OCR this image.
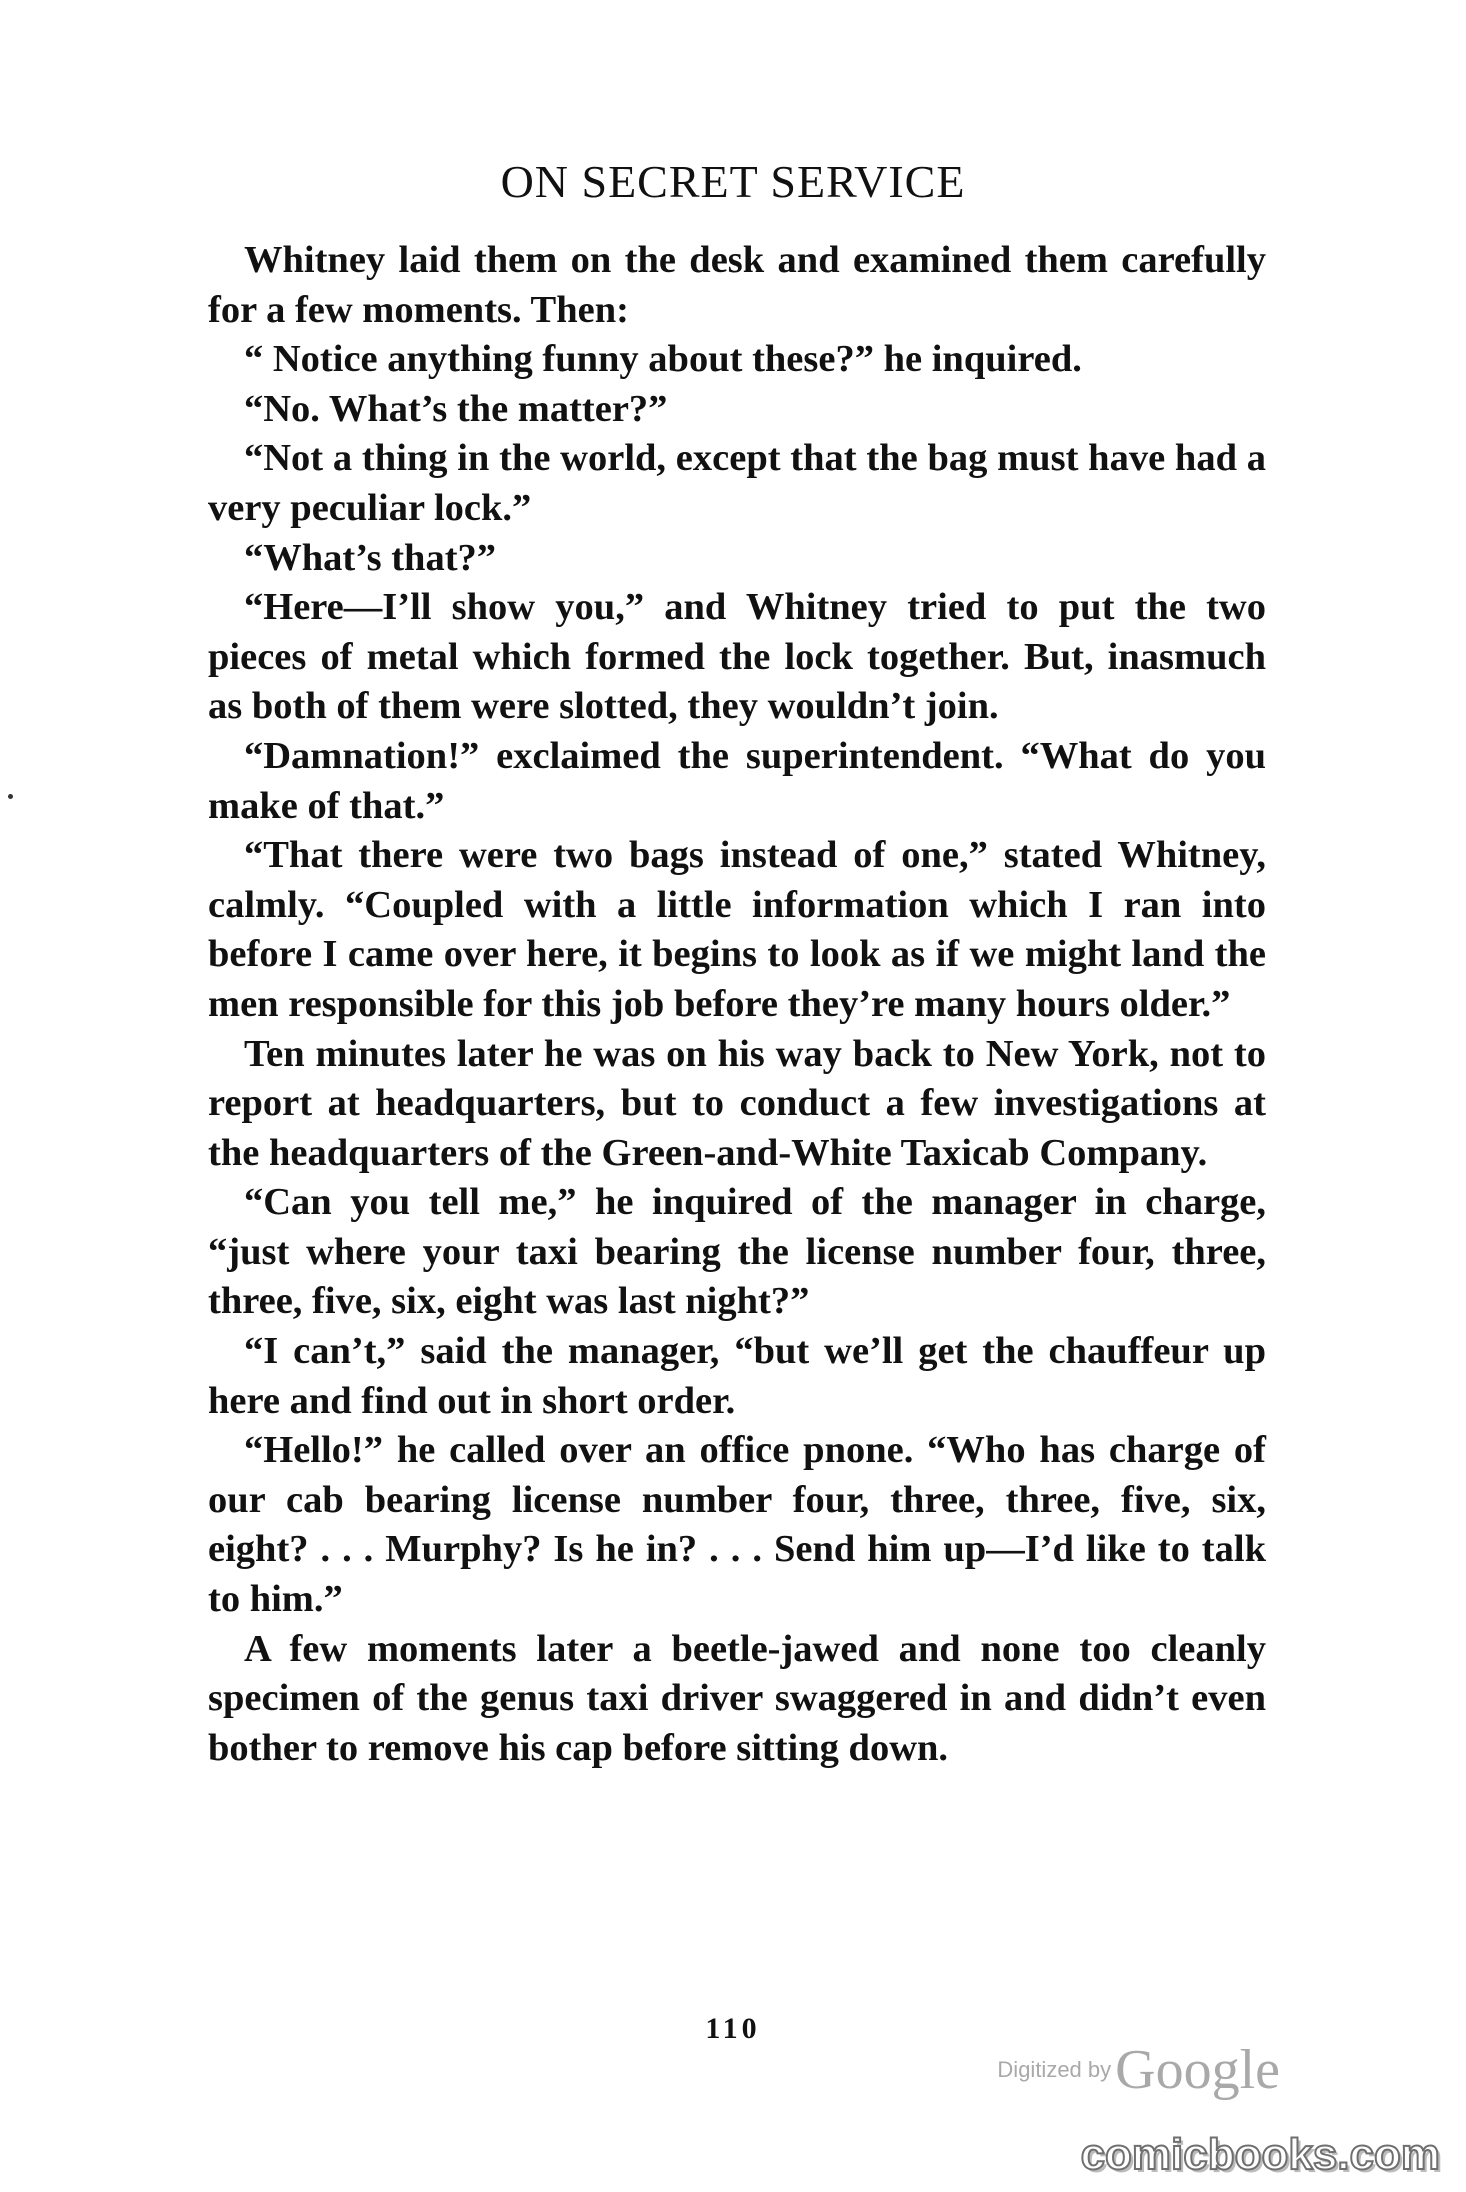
ON SECRET SERVICE

Whitney laid them on the desk and examined them carefully for a few moments. Then:

“ Notice anything funny about these?” he inquired.

“No. What’s the matter?”

“Not a thing in the world, except that the bag must have had a very peculiar lock.”

“What’s that?”

“Here—I’ll show you,” and Whitney tried to put the two pieces of metal which formed the lock together. But, inasmuch as both of them were slotted, they wouldn’t join.

“Damnation!” exclaimed the superintendent. “What do you make of that.”

“That there were two bags instead of one,” stated Whitney, calmly. “Coupled with a little information which I ran into before I came over here, it begins to look as if we might land the men responsible for this job before they’re many hours older.”

Ten minutes later he was on his way back to New York, not to report at headquarters, but to conduct a few investigations at the headquarters of the Green-and-White Taxicab Company.

“Can you tell me,” he inquired of the manager in charge, “just where your taxi bearing the license number four, three, three, five, six, eight was last night?”

“I can’t,” said the manager, “but we’ll get the chauffeur up here and find out in short order.

“Hello!” he called over an office pnone. “Who has charge of our cab bearing license number four, three, three, five, six, eight? . . . Murphy? Is he in? . . . Send him up—I’d like to talk to him.”

A few moments later a beetle-jawed and none too cleanly specimen of the genus taxi driver swaggered in and didn’t even bother to remove his cap before sitting down.

110
Digitized by Google
comicbooks.com
